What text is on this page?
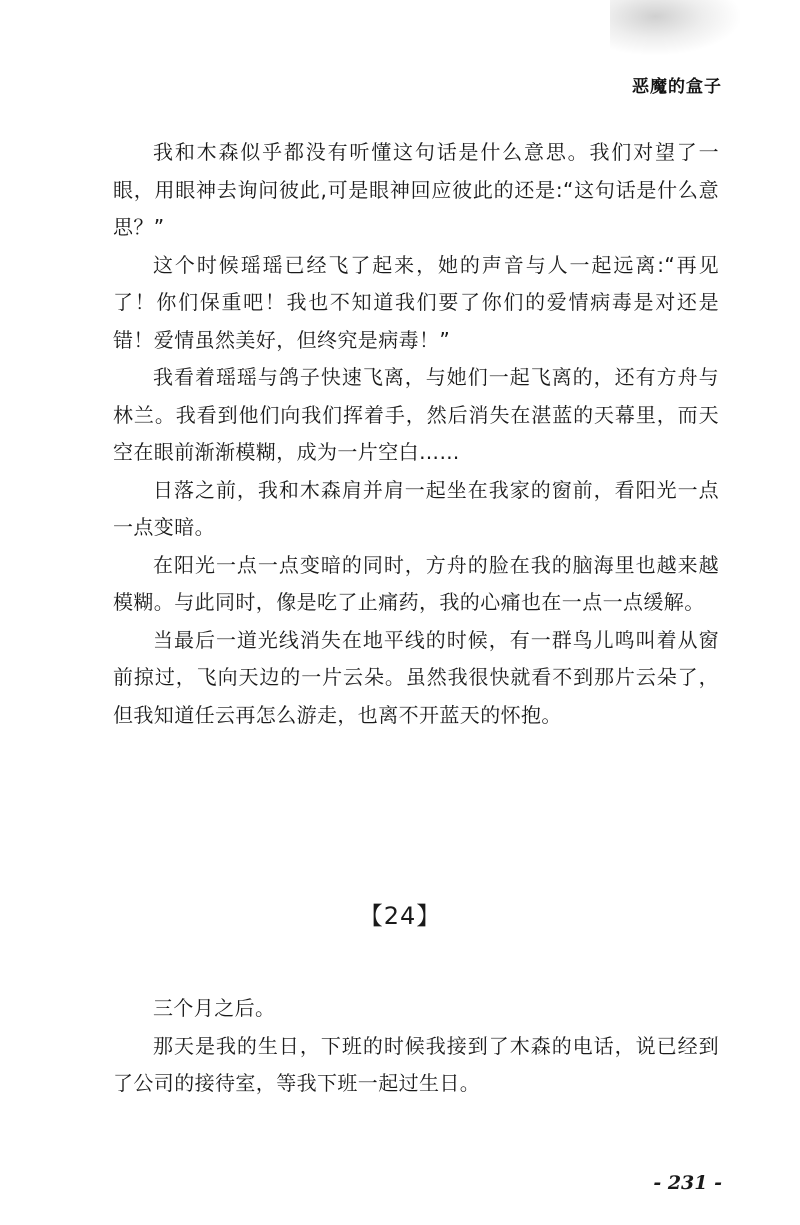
恶魔的盒子

我和木森似乎都没有听懂这句话是什么意思。我们对望了一眼，用眼神去询问彼此,可是眼神回应彼此的还是:“这句话是什么意思？”

这个时候瑶瑶已经飞了起来，她的声音与人一起远离:“再见了！你们保重吧！我也不知道我们要了你们的爱情病毒是对还是错！爱情虽然美好，但终究是病毒！”

我看着瑶瑶与鸽子快速飞离，与她们一起飞离的，还有方舟与林兰。我看到他们向我们挥着手，然后消失在湛蓝的天幕里，而天空在眼前渐渐模糊，成为一片空白……

日落之前，我和木森肩并肩一起坐在我家的窗前，看阳光一点一点变暗。

在阳光一点一点变暗的同时，方舟的脸在我的脑海里也越来越模糊。与此同时，像是吃了止痛药，我的心痛也在一点一点缓解。

当最后一道光线消失在地平线的时候，有一群鸟儿鸣叫着从窗前掠过，飞向天边的一片云朵。虽然我很快就看不到那片云朵了，但我知道任云再怎么游走，也离不开蓝天的怀抱。

【24】

三个月之后。

那天是我的生日，下班的时候我接到了木森的电话，说已经到了公司的接待室，等我下班一起过生日。

- 231 -
